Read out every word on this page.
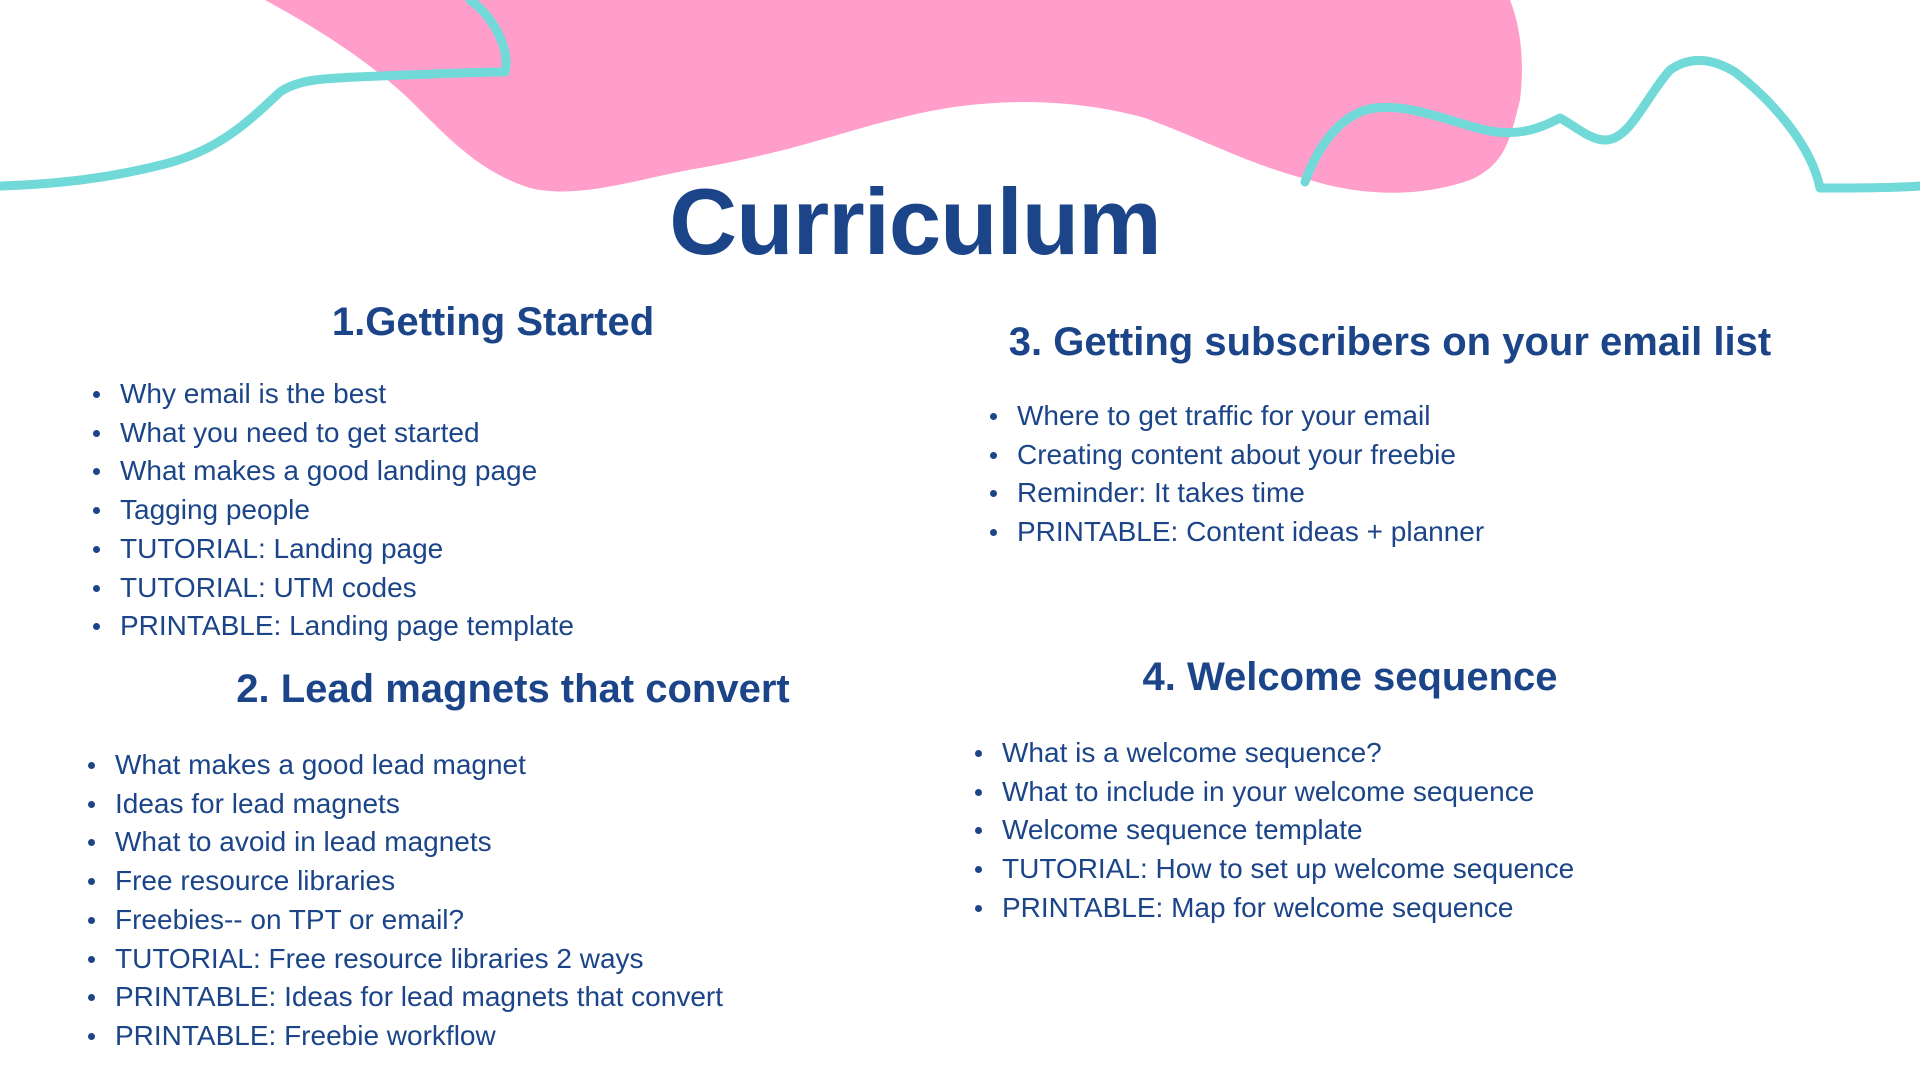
Curriculum
1.Getting Started
Why email is the best
What you need to get started
What makes a good landing page
Tagging people
TUTORIAL: Landing page
TUTORIAL: UTM codes
PRINTABLE: Landing page template
2. Lead magnets that convert
What makes a good lead magnet
Ideas for lead magnets
What to avoid in lead magnets
Free resource libraries
Freebies-- on TPT or email?
TUTORIAL: Free resource libraries 2 ways
PRINTABLE: Ideas for lead magnets that convert
PRINTABLE: Freebie workflow
3. Getting subscribers on your email list
Where to get traffic for your email
Creating content about your freebie
Reminder: It takes time
PRINTABLE: Content ideas + planner
4. Welcome sequence
What is a welcome sequence?
What to include in your welcome sequence
Welcome sequence template
TUTORIAL: How to set up welcome sequence
PRINTABLE: Map for welcome sequence
